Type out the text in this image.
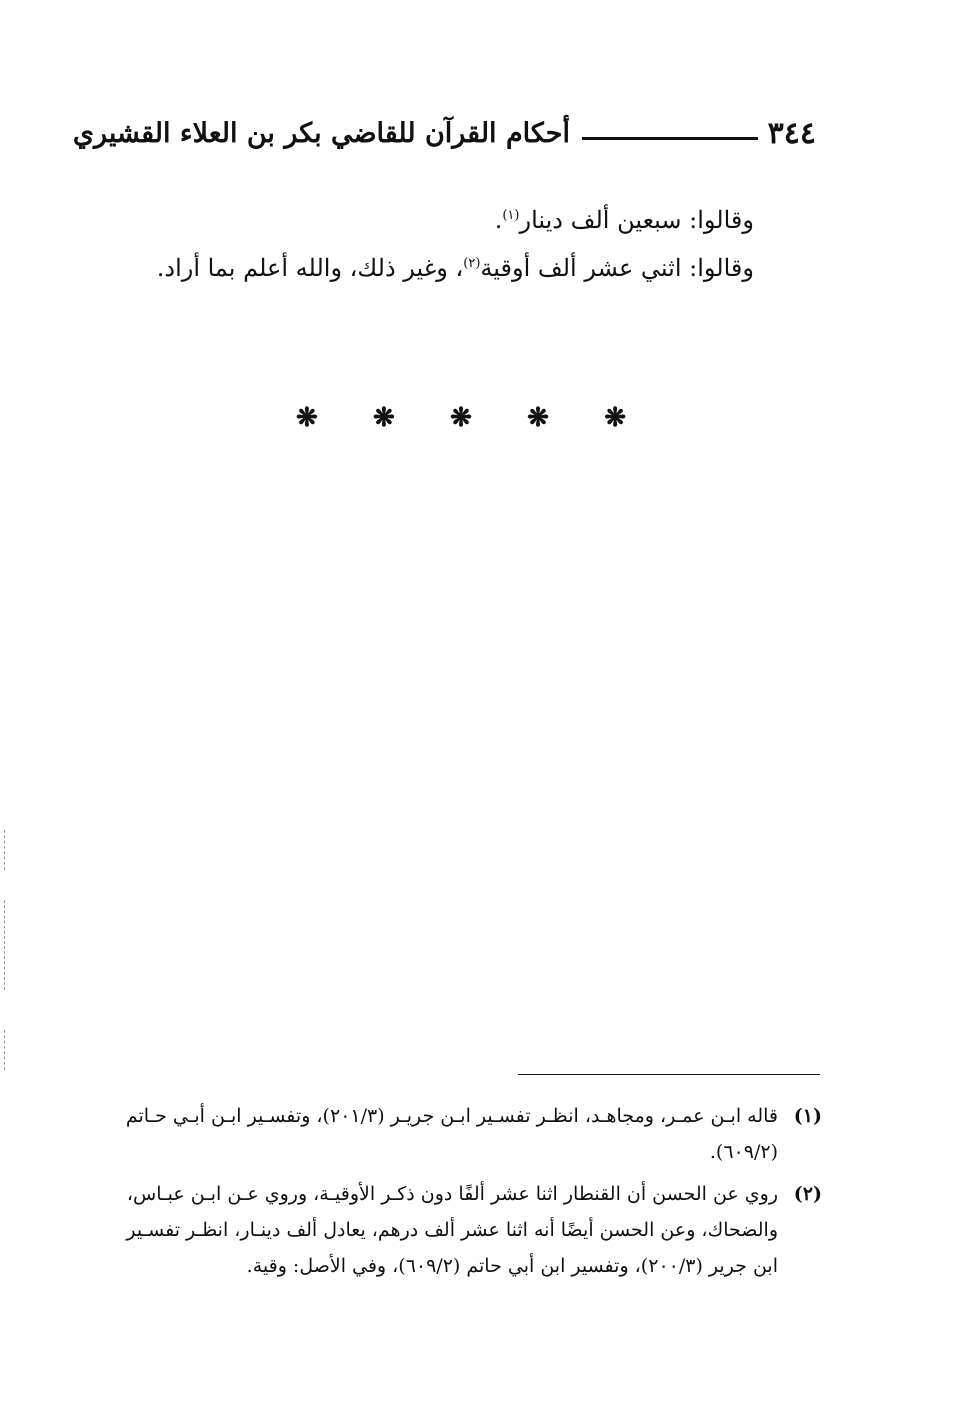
٣٤٤
أحكام القرآن للقاضي بكر بن العلاء القشيري

وقالوا: سبعين ألف دينار$^{(١)}$.

وقالوا: اثني عشر ألف أوقية$^{(٢)}$، وغير ذلك، والله أعلم بما أراد.

❋ ❋ ❋ ❋ ❋

(١)
قاله ابـن عمـر، ومجاهـد، انظـر تفسـير ابـن جريـر (٢٠١/٣)، وتفسـير ابـن أبـي حـاتم (٦٠٩/٢).

(٢)
روي عن الحسن أن القنطار اثنا عشر ألفًا دون ذكـر الأوقيـة، وروي عـن ابـن عبـاس، والضحاك، وعن الحسن أيضًا أنه اثنا عشر ألف درهم، يعادل ألف دينـار، انظـر تفسـير ابن جرير (٢٠٠/٣)، وتفسير ابن أبي حاتم (٦٠٩/٢)، وفي الأصل: وقية.
